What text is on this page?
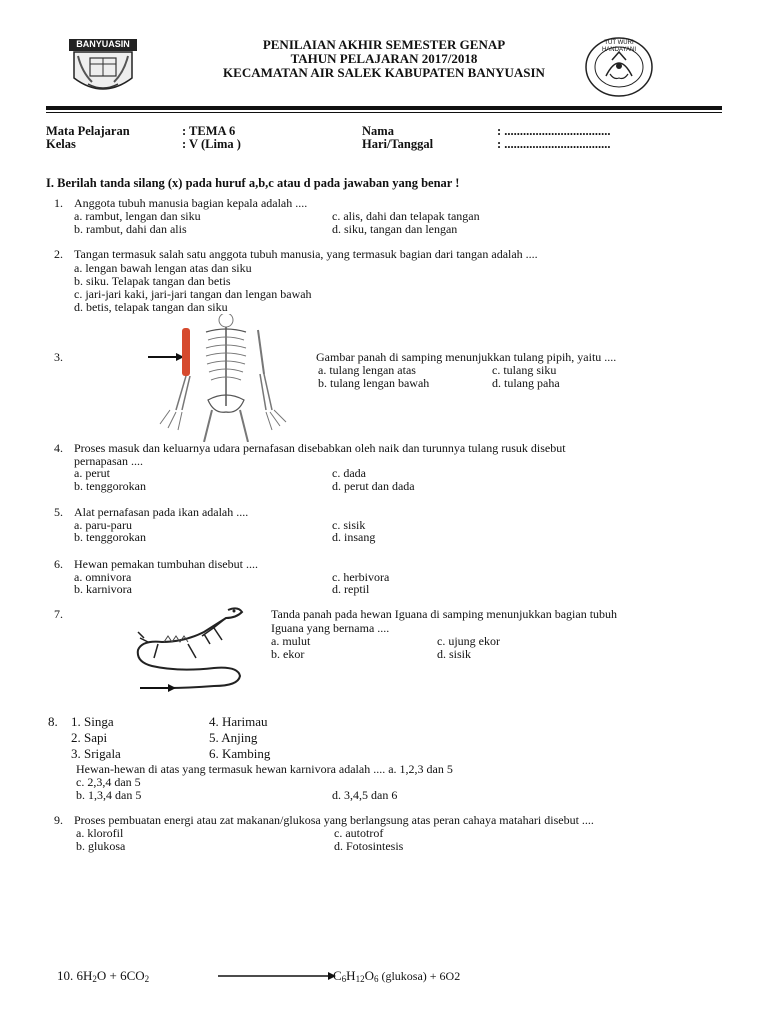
BANYUASIN	PENILAIAN AKHIR SEMESTER GENAP
TAHUN PELAJARAN 2017/2018
KECAMATAN AIR SALEK KABUPATEN BANYUASIN
TUT WURI HANDAYANI
Mata Pelajaran	: TEMA 6
Kelas	: V (Lima )
Nama	: ..................................
Hari/Tanggal	: ..................................
I. Berilah tanda silang (x) pada huruf a,b,c atau d pada jawaban yang benar !
1. Anggota tubuh manusia bagian kepala adalah ....
a. rambut, lengan dan siku
b. rambut, dahi dan alis
c. alis, dahi dan telapak tangan
d. siku, tangan dan lengan
2. Tangan termasuk salah satu anggota tubuh manusia, yang termasuk bagian dari tangan adalah ....
a. lengan bawah lengan atas dan siku
b. siku. Telapak tangan dan betis
c. jari-jari kaki, jari-jari tangan dan lengan bawah
d. betis, telapak tangan dan siku
3.	Gambar panah di samping menunjukkan tulang pipih, yaitu ....
a. tulang lengan atas
b. tulang lengan bawah
c. tulang siku
d. tulang paha
4. Proses masuk dan keluarnya udara pernafasan disebabkan oleh naik dan turunnya tulang rusuk disebut
pernapasan ....
a. perut
b. tenggorokan
c. dada
d. perut dan dada
5. Alat pernafasan pada ikan adalah ....
a. paru-paru
b. tenggorokan
c. sisik
d. insang
6. Hewan pemakan tumbuhan disebut ....
a. omnivora
b. karnivora
c. herbivora
d. reptil
7.	Tanda panah pada hewan Iguana di samping menunjukkan bagian tubuh
Iguana yang bernama ....
a. mulut
b. ekor
c. ujung ekor
d. sisik
8. 1. Singa
2. Sapi
3. Srigala
4. Harimau
5. Anjing
6. Kambing
Hewan-hewan di atas yang termasuk hewan karnivora adalah .... a. 1,2,3 dan 5
c. 2,3,4 dan 5
b. 1,3,4 dan 5	d. 3,4,5 dan 6
9. Proses pembuatan energi atau zat makanan/glukosa yang berlangsung atas peran cahaya matahari disebut ....
a. klorofil
b. glukosa
c. autotrof
d. Fotosintesis
10. $6H_2O + 6CO_2$	$C_6H_{12}O_6$ (glukosa) + 6O2
